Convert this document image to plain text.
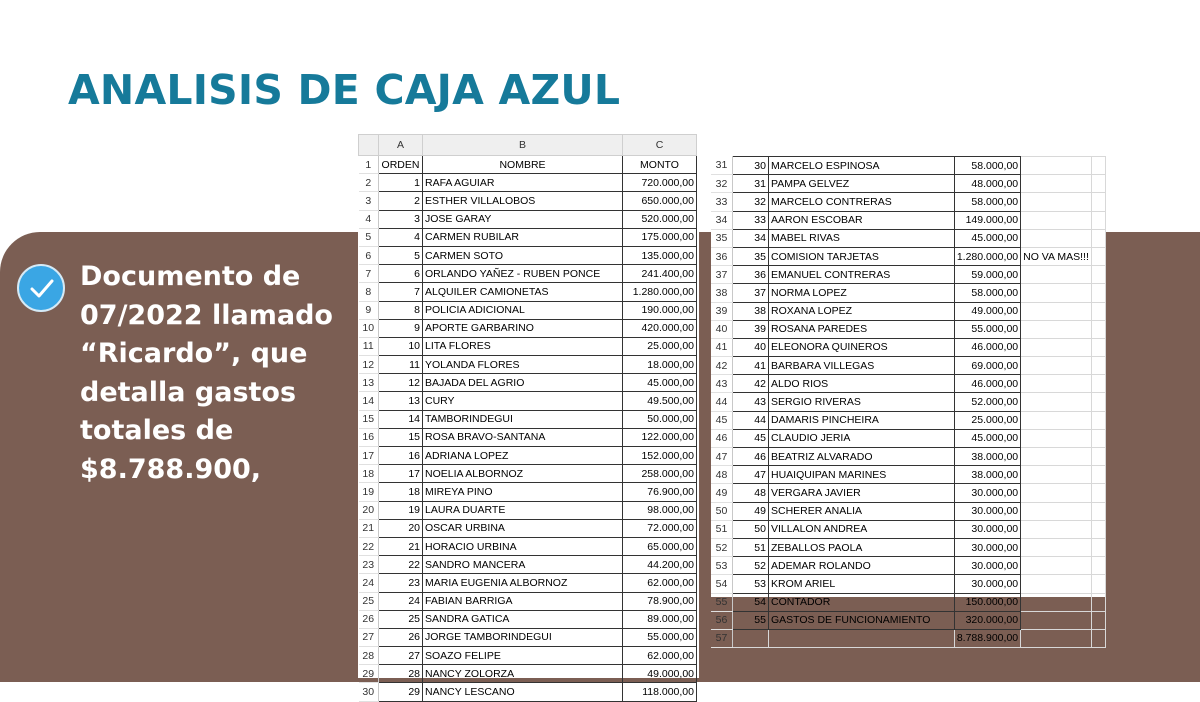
ANALISIS DE CAJA AZUL
Documento de
07/2022 llamado
“Ricardo”, que
detalla gastos
totales de
$8.788.900,
	A	B	C
1	ORDEN	NOMBRE	MONTO
2	1	RAFA AGUIAR	720.000,00
3	2	ESTHER VILLALOBOS	650.000,00
4	3	JOSE GARAY	520.000,00
5	4	CARMEN RUBILAR	175.000,00
6	5	CARMEN SOTO	135.000,00
7	6	ORLANDO YAÑEZ - RUBEN PONCE	241.400,00
8	7	ALQUILER CAMIONETAS	1.280.000,00
9	8	POLICIA ADICIONAL	190.000,00
10	9	APORTE GARBARINO	420.000,00
11	10	LITA FLORES	25.000,00
12	11	YOLANDA FLORES	18.000,00
13	12	BAJADA DEL AGRIO	45.000,00
14	13	CURY	49.500,00
15	14	TAMBORINDEGUI	50.000,00
16	15	ROSA BRAVO-SANTANA	122.000,00
17	16	ADRIANA LOPEZ	152.000,00
18	17	NOELIA ALBORNOZ	258.000,00
19	18	MIREYA PINO	76.900,00
20	19	LAURA DUARTE	98.000,00
21	20	OSCAR URBINA	72.000,00
22	21	HORACIO URBINA	65.000,00
23	22	SANDRO MANCERA	44.200,00
24	23	MARIA EUGENIA ALBORNOZ	62.000,00
25	24	FABIAN BARRIGA	78.900,00
26	25	SANDRA GATICA	89.000,00
27	26	JORGE TAMBORINDEGUI	55.000,00
28	27	SOAZO FELIPE	62.000,00
29	28	NANCY ZOLORZA	49.000,00
30	29	NANCY LESCANO	118.000,00
31	30	MARCELO ESPINOSA	58.000,00		
32	31	PAMPA GELVEZ	48.000,00		
33	32	MARCELO CONTRERAS	58.000,00		
34	33	AARON ESCOBAR	149.000,00		
35	34	MABEL RIVAS	45.000,00		
36	35	COMISION TARJETAS	1.280.000,00	NO VA MAS!!!	
37	36	EMANUEL CONTRERAS	59.000,00		
38	37	NORMA LOPEZ	58.000,00		
39	38	ROXANA LOPEZ	49.000,00		
40	39	ROSANA PAREDES	55.000,00		
41	40	ELEONORA QUINEROS	46.000,00		
42	41	BARBARA VILLEGAS	69.000,00		
43	42	ALDO RIOS	46.000,00		
44	43	SERGIO RIVERAS	52.000,00		
45	44	DAMARIS PINCHEIRA	25.000,00		
46	45	CLAUDIO JERIA	45.000,00		
47	46	BEATRIZ ALVARADO	38.000,00		
48	47	HUAIQUIPAN MARINES	38.000,00		
49	48	VERGARA JAVIER	30.000,00		
50	49	SCHERER ANALIA	30.000,00		
51	50	VILLALON ANDREA	30.000,00		
52	51	ZEBALLOS PAOLA	30.000,00		
53	52	ADEMAR ROLANDO	30.000,00		
54	53	KROM ARIEL	30.000,00		
55	54	CONTADOR	150.000,00		
56	55	GASTOS DE FUNCIONAMIENTO	320.000,00		
57			8.788.900,00		
